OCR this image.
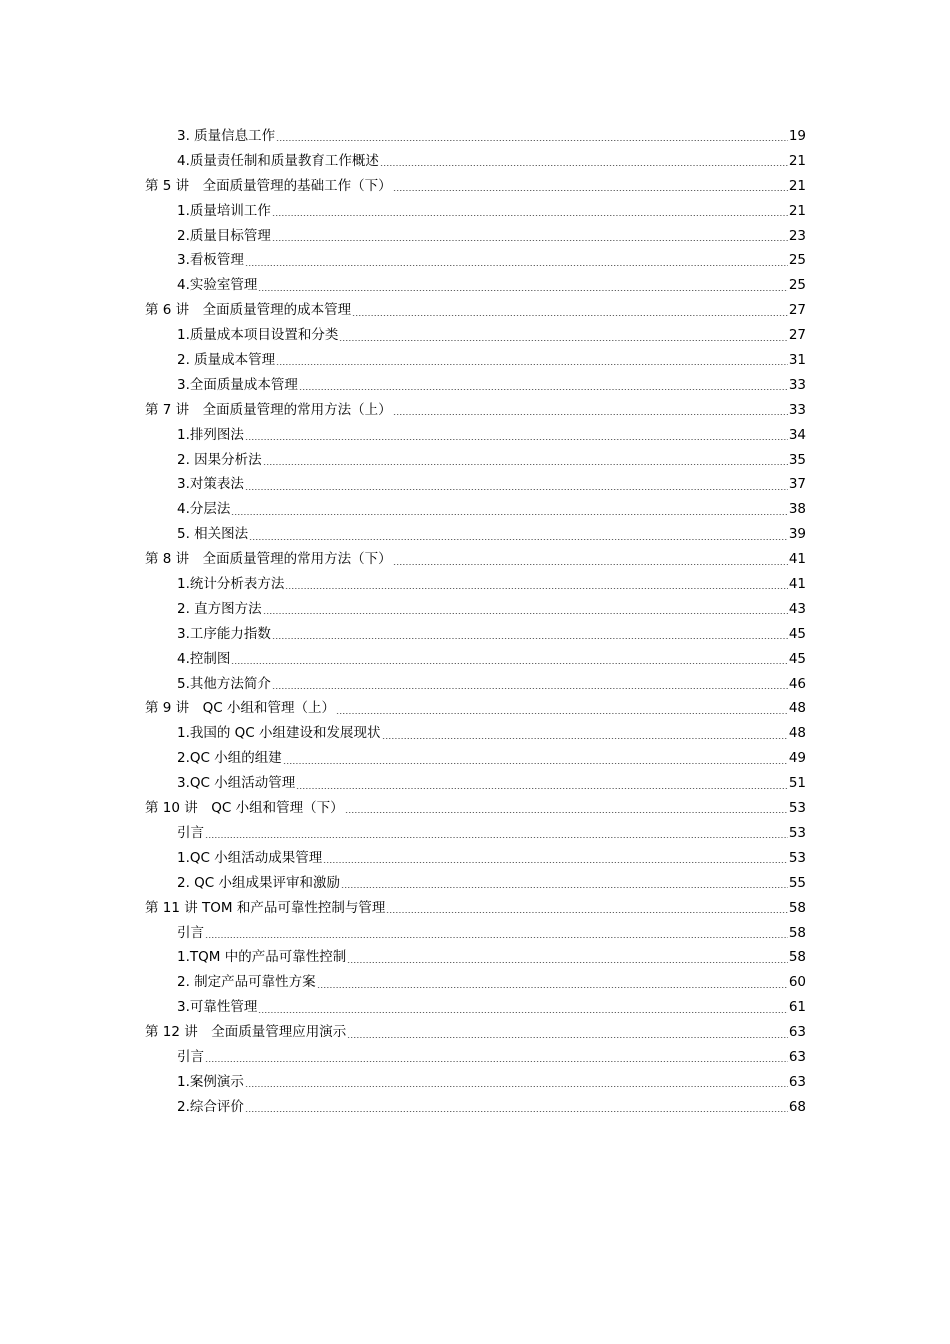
3. 质量信息工作	19
4.质量责任制和质量教育工作概述	21
第 5 讲　全面质量管理的基础工作（下）	21
1.质量培训工作	21
2.质量目标管理	23
3.看板管理	25
4.实验室管理	25
第 6 讲　全面质量管理的成本管理	27
1.质量成本项目设置和分类	27
2. 质量成本管理	31
3.全面质量成本管理	33
第 7 讲　全面质量管理的常用方法（上）	33
1.排列图法	34
2. 因果分析法	35
3.对策表法	37
4.分层法	38
5. 相关图法	39
第 8 讲　全面质量管理的常用方法（下）	41
1.统计分析表方法	41
2. 直方图方法	43
3.工序能力指数	45
4.控制图	45
5.其他方法简介	46
第 9 讲　QC 小组和管理（上）	48
1.我国的 QC 小组建设和发展现状	48
2.QC 小组的组建	49
3.QC 小组活动管理	51
第 10 讲　QC 小组和管理（下）	53
引言	53
1.QC 小组活动成果管理	53
2. QC 小组成果评审和激励	55
第 11 讲 TOM 和产品可靠性控制与管理	58
引言	58
1.TQM 中的产品可靠性控制	58
2. 制定产品可靠性方案	60
3.可靠性管理	61
第 12 讲　全面质量管理应用演示	63
引言	63
1.案例演示	63
2.综合评价	68
